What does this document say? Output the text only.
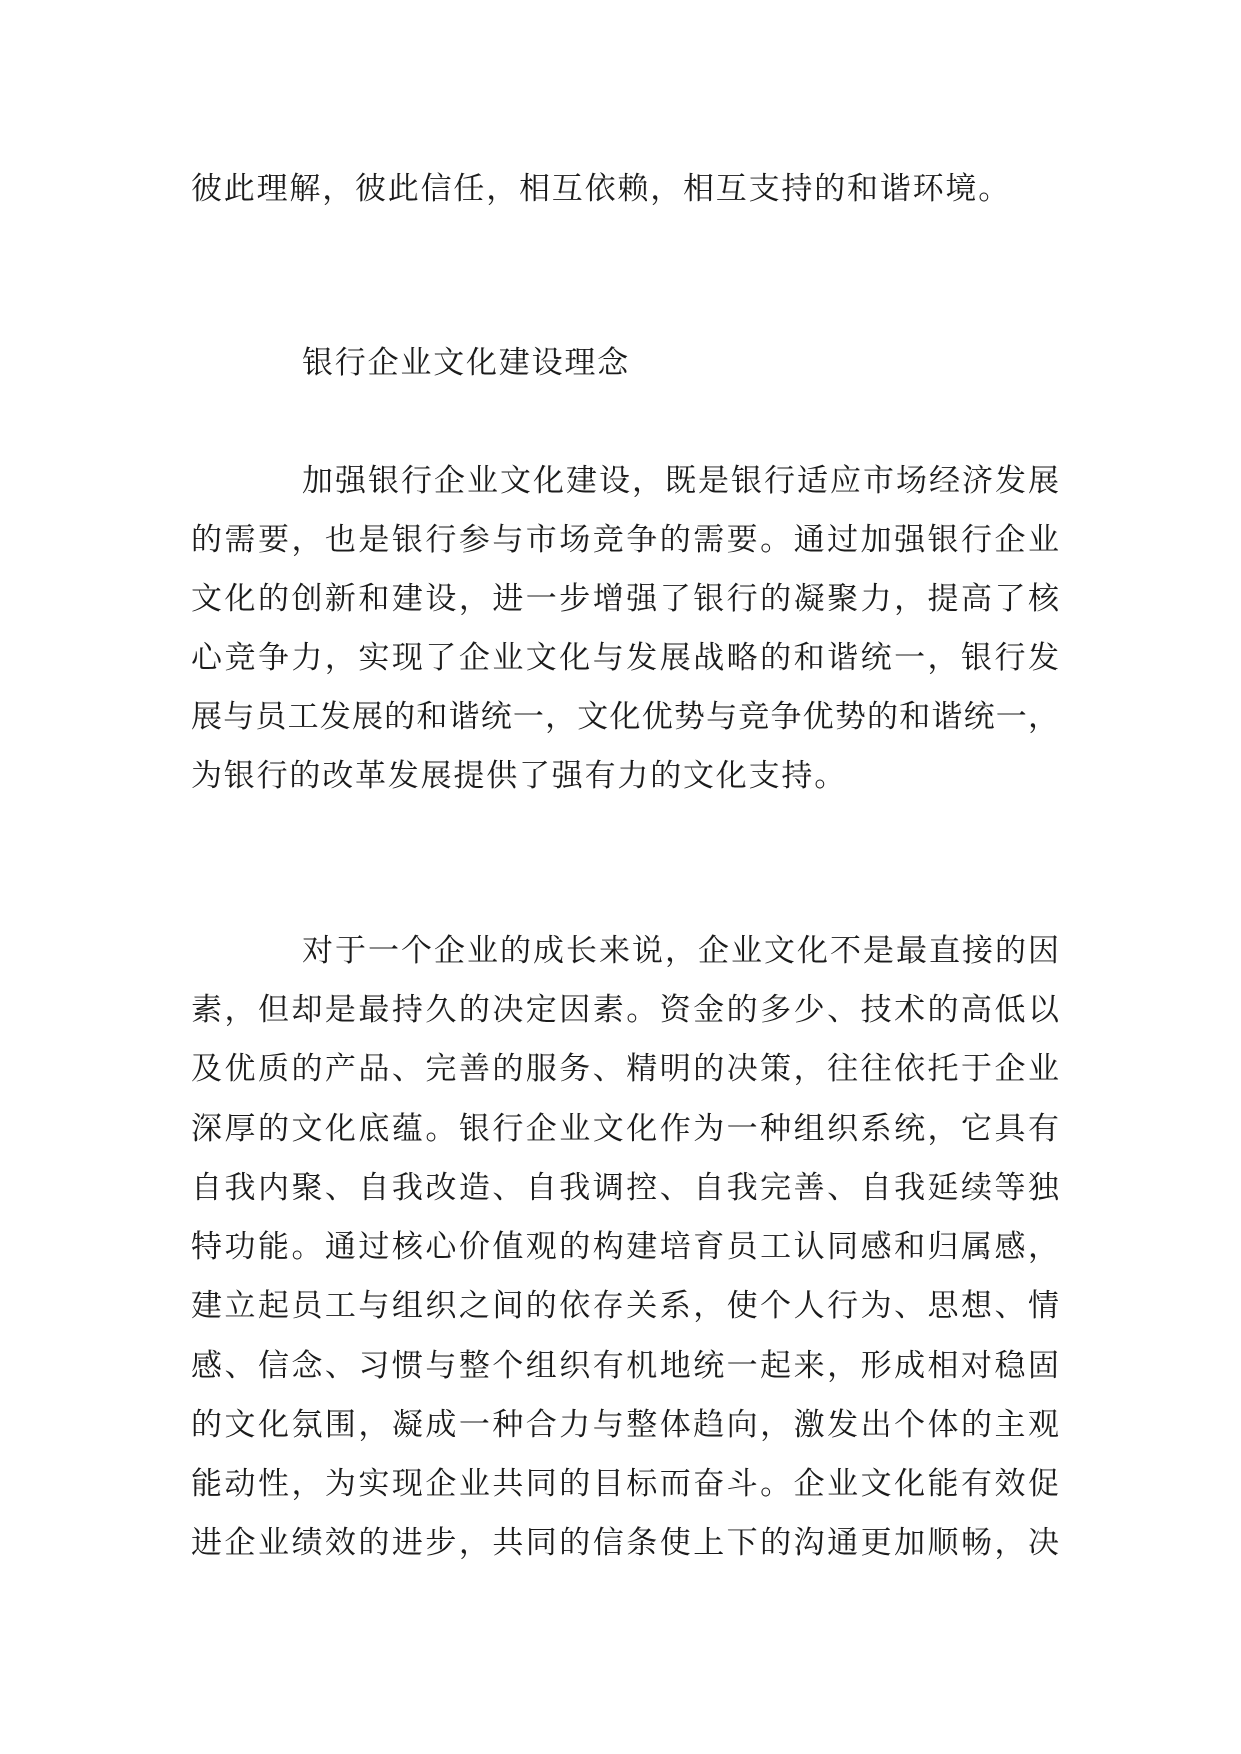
彼此理解，彼此信任，相互依赖，相互支持的和谐环境。
银行企业文化建设理念
加强银行企业文化建设，既是银行适应市场经济发展
的需要，也是银行参与市场竞争的需要。通过加强银行企业
文化的创新和建设，进一步增强了银行的凝聚力，提高了核
心竞争力，实现了企业文化与发展战略的和谐统一，银行发
展与员工发展的和谐统一，文化优势与竞争优势的和谐统一，
为银行的改革发展提供了强有力的文化支持。
对于一个企业的成长来说，企业文化不是最直接的因
素，但却是最持久的决定因素。资金的多少、技术的高低以
及优质的产品、完善的服务、精明的决策，往往依托于企业
深厚的文化底蕴。银行企业文化作为一种组织系统，它具有
自我内聚、自我改造、自我调控、自我完善、自我延续等独
特功能。通过核心价值观的构建培育员工认同感和归属感，
建立起员工与组织之间的依存关系，使个人行为、思想、情
感、信念、习惯与整个组织有机地统一起来，形成相对稳固
的文化氛围，凝成一种合力与整体趋向，激发出个体的主观
能动性，为实现企业共同的目标而奋斗。企业文化能有效促
进企业绩效的进步，共同的信条使上下的沟通更加顺畅，决
